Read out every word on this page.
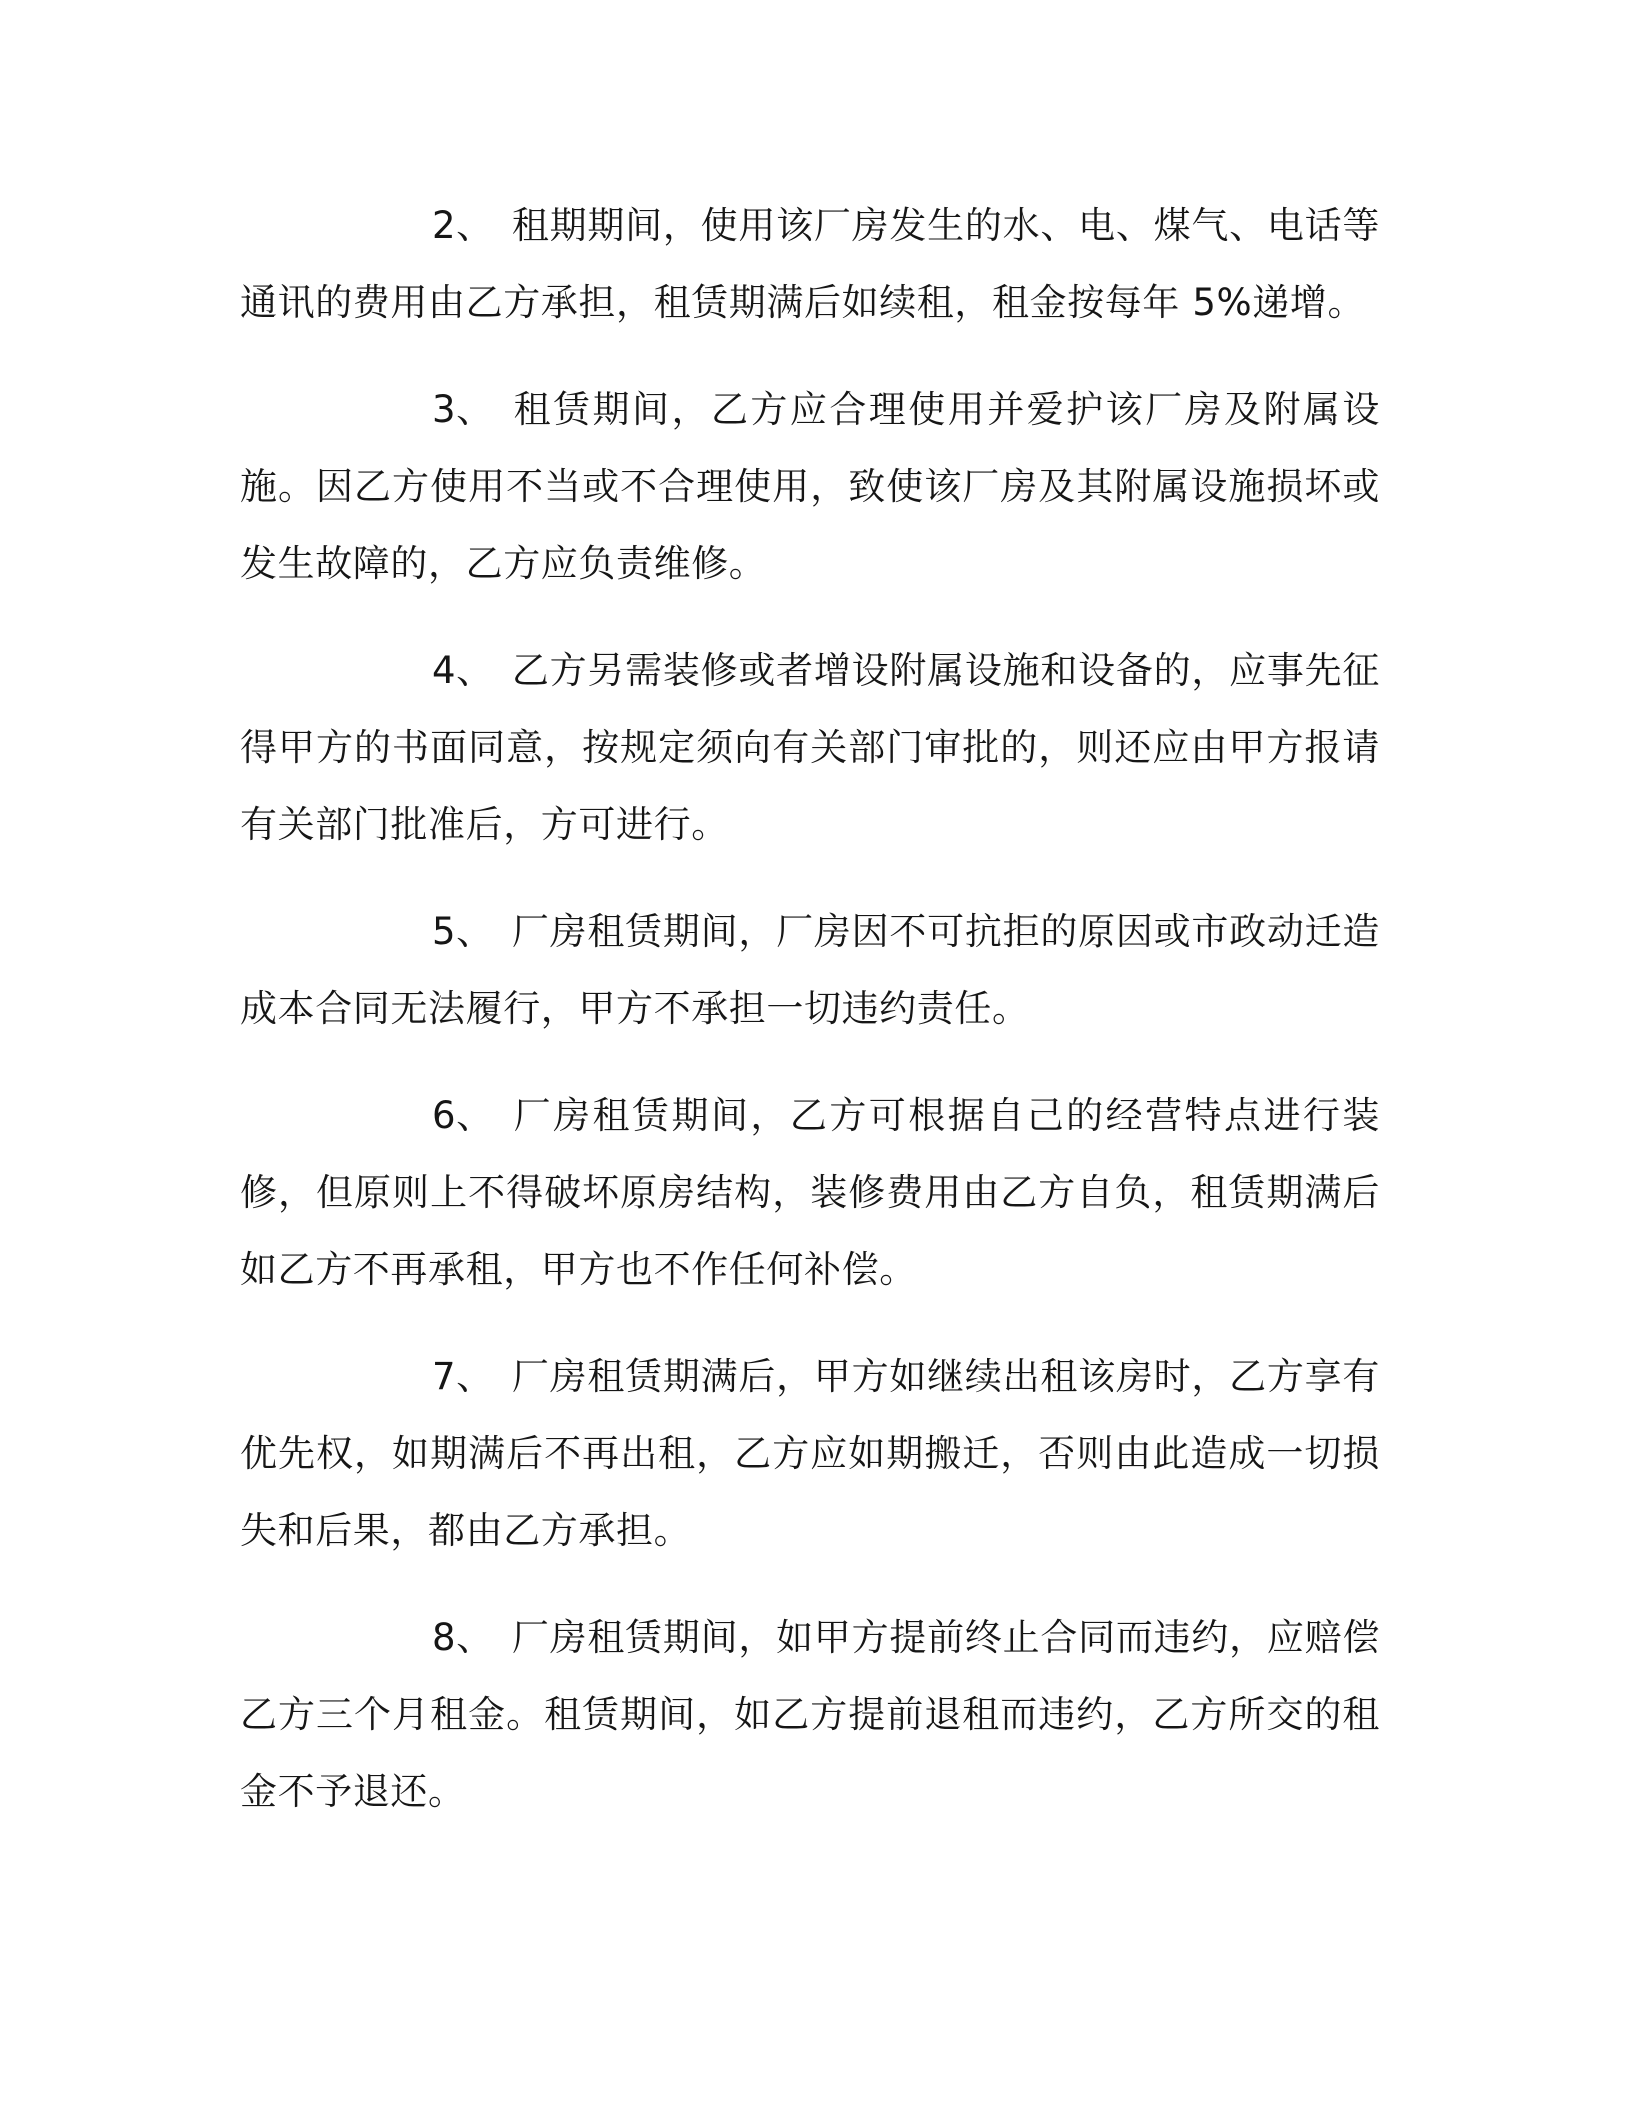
2、 租期期间，使用该厂房发生的水、电、煤气、电话等通讯的费用由乙方承担，租赁期满后如续租，租金按每年 5%递增。

3、 租赁期间，乙方应合理使用并爱护该厂房及附属设施。因乙方使用不当或不合理使用，致使该厂房及其附属设施损坏或发生故障的，乙方应负责维修。

4、 乙方另需装修或者增设附属设施和设备的，应事先征得甲方的书面同意，按规定须向有关部门审批的，则还应由甲方报请有关部门批准后，方可进行。

5、 厂房租赁期间，厂房因不可抗拒的原因或市政动迁造成本合同无法履行，甲方不承担一切违约责任。

6、 厂房租赁期间，乙方可根据自己的经营特点进行装修，但原则上不得破坏原房结构，装修费用由乙方自负，租赁期满后如乙方不再承租，甲方也不作任何补偿。

7、 厂房租赁期满后，甲方如继续出租该房时，乙方享有优先权，如期满后不再出租，乙方应如期搬迁，否则由此造成一切损失和后果，都由乙方承担。

8、 厂房租赁期间，如甲方提前终止合同而违约，应赔偿乙方三个月租金。租赁期间，如乙方提前退租而违约，乙方所交的租金不予退还。
